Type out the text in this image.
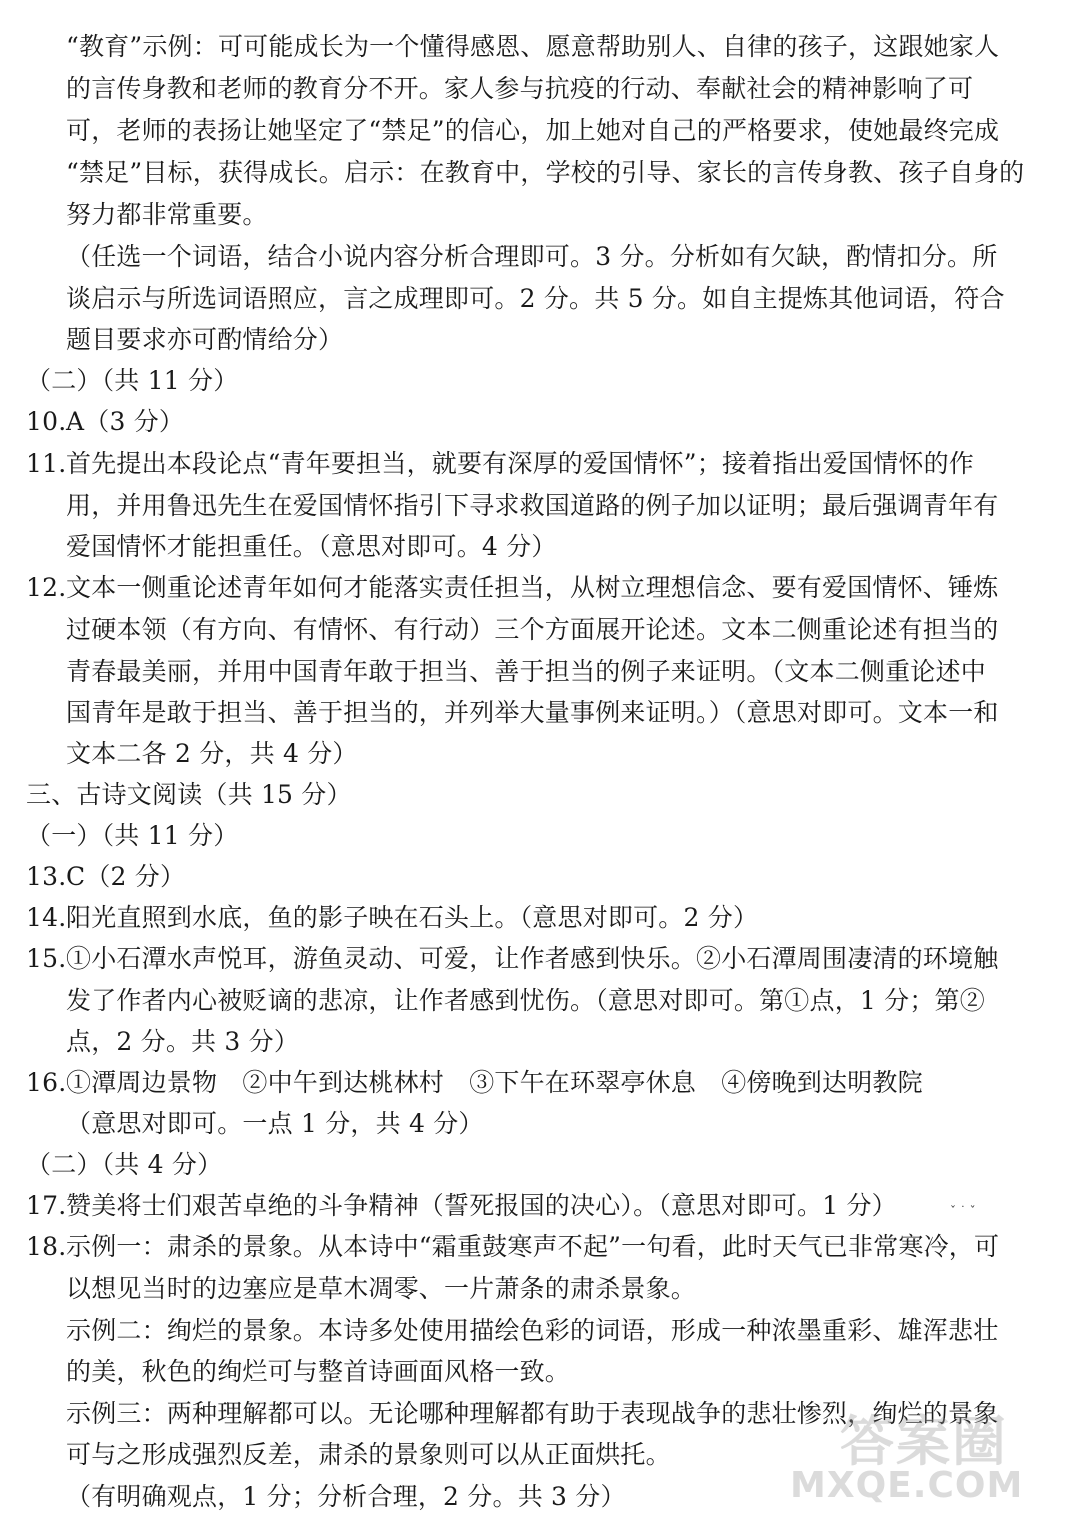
“教育”示例：可可能成长为一个懂得感恩、愿意帮助别人、自律的孩子，这跟她家人
的言传身教和老师的教育分不开。家人参与抗疫的行动、奉献社会的精神影响了可
可，老师的表扬让她坚定了“禁足”的信心，加上她对自己的严格要求，使她最终完成
“禁足”目标，获得成长。启示：在教育中，学校的引导、家长的言传身教、孩子自身的
努力都非常重要。
（任选一个词语，结合小说内容分析合理即可。3 分。分析如有欠缺，酌情扣分。所
谈启示与所选词语照应，言之成理即可。2 分。共 5 分。如自主提炼其他词语，符合
题目要求亦可酌情给分）
（二）（共 11 分）
10. A（3 分）
11. 首先提出本段论点“青年要担当，就要有深厚的爱国情怀”；接着指出爱国情怀的作
用，并用鲁迅先生在爱国情怀指引下寻求救国道路的例子加以证明；最后强调青年有
爱国情怀才能担重任。（意思对即可。4 分）
12. 文本一侧重论述青年如何才能落实责任担当，从树立理想信念、要有爱国情怀、锤炼
过硬本领（有方向、有情怀、有行动）三个方面展开论述。文本二侧重论述有担当的
青春最美丽，并用中国青年敢于担当、善于担当的例子来证明。（文本二侧重论述中
国青年是敢于担当、善于担当的，并列举大量事例来证明。）（意思对即可。文本一和
文本二各 2 分，共 4 分）
三、古诗文阅读（共 15 分）
（一）（共 11 分）
13. C（2 分）
14. 阳光直照到水底，鱼的影子映在石头上。（意思对即可。2 分）
15. ①小石潭水声悦耳，游鱼灵动、可爱，让作者感到快乐。②小石潭周围凄清的环境触
发了作者内心被贬谪的悲凉，让作者感到忧伤。（意思对即可。第①点，1 分；第②
点，2 分。共 3 分）
16. ①潭周边景物　②中午到达桃林村　③下午在环翠亭休息　④傍晚到达明教院
（意思对即可。一点 1 分，共 4 分）
（二）（共 4 分）
17. 赞美将士们艰苦卓绝的斗争精神（誓死报国的决心）。（意思对即可。1 分）	ˇ ˙ ˇ
18. 示例一：肃杀的景象。从本诗中“霜重鼓寒声不起”一句看，此时天气已非常寒冷，可
以想见当时的边塞应是草木凋零、一片萧条的肃杀景象。
示例二：绚烂的景象。本诗多处使用描绘色彩的词语，形成一种浓墨重彩、雄浑悲壮
的美，秋色的绚烂可与整首诗画面风格一致。
示例三：两种理解都可以。无论哪种理解都有助于表现战争的悲壮惨烈，绚烂的景象
可与之形成强烈反差，肃杀的景象则可以从正面烘托。
（有明确观点，1 分；分析合理，2 分。共 3 分）
答案圈
MXQE.COM
